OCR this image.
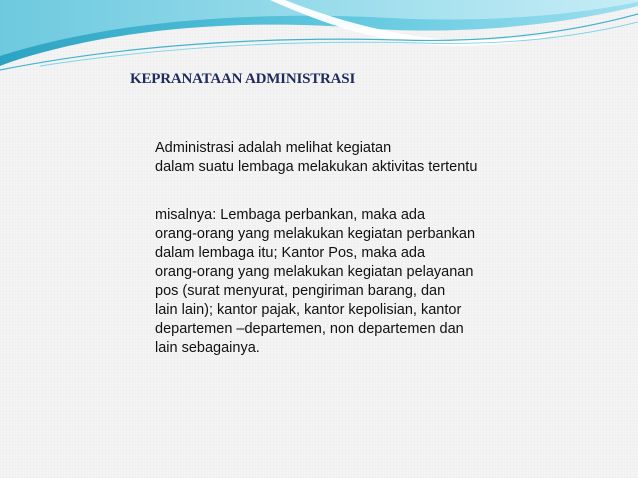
KEPRANATAAN ADMINISTRASI

Administrasi adalah melihat kegiatan
dalam suatu lembaga melakukan aktivitas tertentu

misalnya: Lembaga perbankan, maka ada
orang-orang yang melakukan kegiatan perbankan
dalam lembaga itu; Kantor Pos, maka ada
orang-orang yang melakukan kegiatan pelayanan
pos (surat menyurat, pengiriman barang, dan
lain lain); kantor pajak, kantor kepolisian, kantor
departemen –departemen, non departemen dan
lain sebagainya.
